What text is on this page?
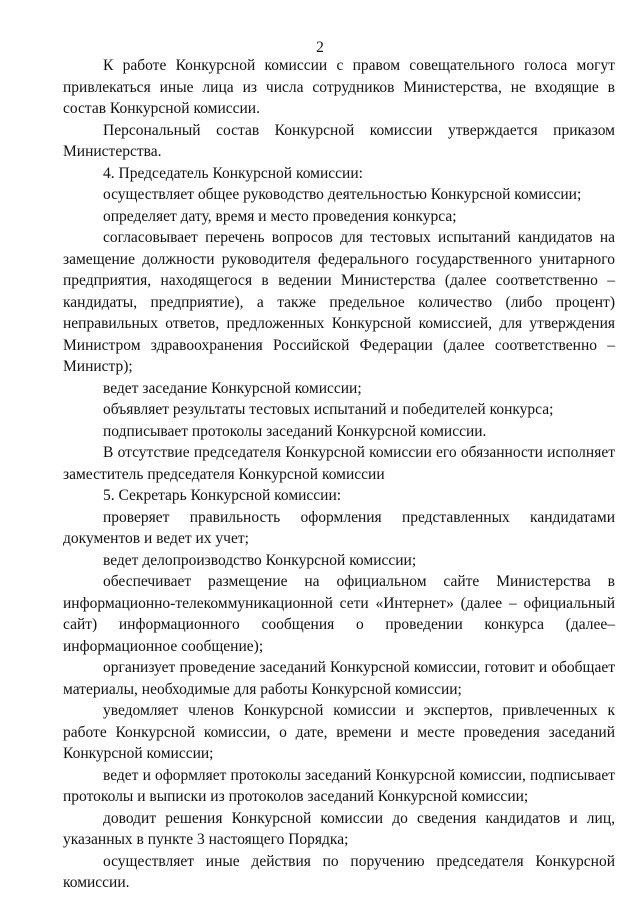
2

К работе Конкурсной комиссии с правом совещательного голоса могут привлекаться иные лица из числа сотрудников Министерства, не входящие в состав Конкурсной комиссии.

Персональный состав Конкурсной комиссии утверждается приказом Министерства.

4. Председатель Конкурсной комиссии:

осуществляет общее руководство деятельностью Конкурсной комиссии;

определяет дату, время и место проведения конкурса;

согласовывает перечень вопросов для тестовых испытаний кандидатов на замещение должности руководителя федерального государственного унитарного предприятия, находящегося в ведении Министерства (далее соответственно – кандидаты, предприятие), а также предельное количество (либо процент) неправильных ответов, предложенных Конкурсной комиссией, для утверждения Министром здравоохранения Российской Федерации (далее соответственно – Министр);

ведет заседание Конкурсной комиссии;

объявляет результаты тестовых испытаний и победителей конкурса;

подписывает протоколы заседаний Конкурсной комиссии.

В отсутствие председателя Конкурсной комиссии его обязанности исполняет заместитель председателя Конкурсной комиссии

5. Секретарь Конкурсной комиссии:

проверяет правильность оформления представленных кандидатами документов и ведет их учет;

ведет делопроизводство Конкурсной комиссии;

обеспечивает размещение на официальном сайте Министерства в информационно-телекоммуникационной сети «Интернет» (далее – официальный сайт) информационного сообщения о проведении конкурса (далее– информационное сообщение);

организует проведение заседаний Конкурсной комиссии, готовит и обобщает материалы, необходимые для работы Конкурсной комиссии;

уведомляет членов Конкурсной комиссии и экспертов, привлеченных к работе Конкурсной комиссии, о дате, времени и месте проведения заседаний Конкурсной комиссии;

ведет и оформляет протоколы заседаний Конкурсной комиссии, подписывает протоколы и выписки из протоколов заседаний Конкурсной комиссии;

доводит решения Конкурсной комиссии до сведения кандидатов и лиц, указанных в пункте 3 настоящего Порядка;

осуществляет иные действия по поручению председателя Конкурсной комиссии.
